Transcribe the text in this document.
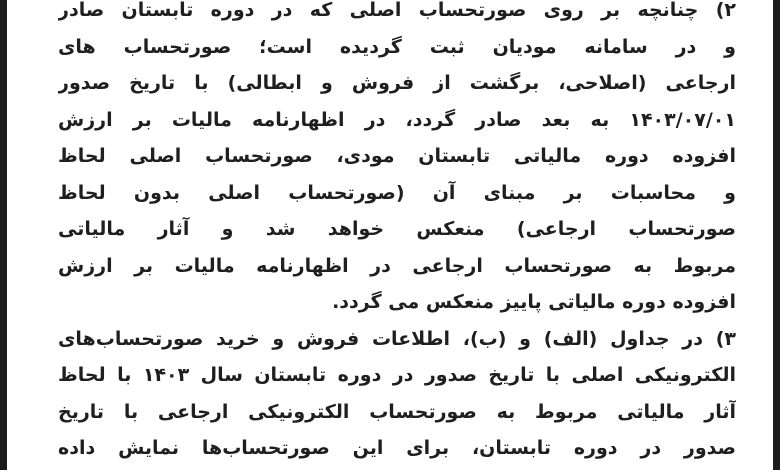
۲) چنانچه بر روی صورتحساب اصلی که در دوره تابستان صادر
و در سامانه مودیان ثبت گردیده است؛ صورتحساب های
ارجاعی (اصلاحی، برگشت از فروش و ابطالی) با تاریخ صدور
۱۴۰۳/۰۷/۰۱ به بعد صادر گردد، در اظهارنامه مالیات بر ارزش
افزوده دوره مالیاتی تابستان مودی، صورتحساب اصلی لحاظ
و محاسبات بر مبنای آن (صورتحساب اصلی بدون لحاظ
صورتحساب ارجاعی) منعکس خواهد شد و آثار مالیاتی
مربوط به صورتحساب ارجاعی در اظهارنامه مالیات بر ارزش
افزوده دوره مالیاتی پاییز منعکس می گردد.
۳) در جداول (الف) و (ب)، اطلاعات فروش و خرید صورتحساب‌های
الکترونیکی اصلی با تاریخ صدور در دوره تابستان سال ۱۴۰۳ با لحاظ
آثار مالیاتی مربوط به صورتحساب الکترونیکی ارجاعی با تاریخ
صدور در دوره تابستان، برای این صورتحساب‌ها نمایش داده
